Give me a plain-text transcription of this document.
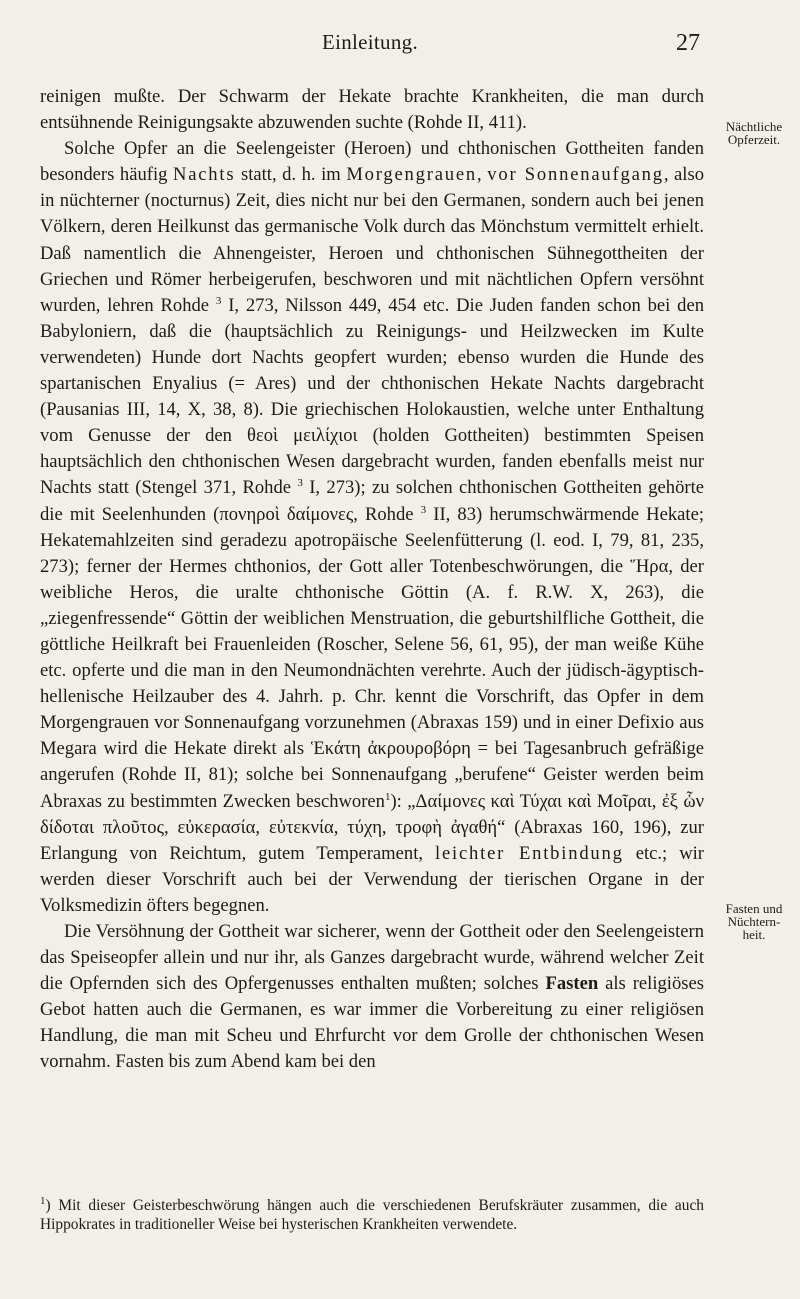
Einleitung.	27

reinigen mußte. Der Schwarm der Hekate brachte Krankheiten, die man durch entsühnende Reinigungsakte abzuwenden suchte (Rohde II, 411).

Solche Opfer an die Seelengeister (Heroen) und chthonischen Gottheiten fanden besonders häufig Nachts statt, d. h. im Morgengrauen, vor Sonnenaufgang, also in nüchterner (nocturnus) Zeit, dies nicht nur bei den Germanen, sondern auch bei jenen Völkern, deren Heilkunst das germanische Volk durch das Mönchstum vermittelt erhielt. Daß namentlich die Ahnengeister, Heroen und chthonischen Sühnegottheiten der Griechen und Römer herbeigerufen, beschworen und mit nächtlichen Opfern versöhnt wurden, lehren Rohde $^3$ I, 273, Nilsson 449, 454 etc. Die Juden fanden schon bei den Babyloniern, daß die (hauptsächlich zu Reinigungs- und Heilzwecken im Kulte verwendeten) Hunde dort Nachts geopfert wurden; ebenso wurden die Hunde des spartanischen Enyalius (= Ares) und der chthonischen Hekate Nachts dargebracht (Pausanias III, 14, X, 38, 8). Die griechischen Holokaustien, welche unter Enthaltung vom Genusse der den θεοὶ μειλίχιοι (holden Gottheiten) bestimmten Speisen hauptsächlich den chthonischen Wesen dargebracht wurden, fanden ebenfalls meist nur Nachts statt (Stengel 371, Rohde $^3$ I, 273); zu solchen chthonischen Gottheiten gehörte die mit Seelenhunden (πονηροὶ δαίμονες, Rohde $^3$ II, 83) herumschwärmende Hekate; Hekatemahlzeiten sind geradezu apotropäische Seelenfütterung (l. eod. I, 79, 81, 235, 273); ferner der Hermes chthonios, der Gott aller Totenbeschwörungen, die Ἥρα, der weibliche Heros, die uralte chthonische Göttin (A. f. R.W. X, 263), die „ziegenfressende“ Göttin der weiblichen Menstruation, die geburtshilfliche Gottheit, die göttliche Heilkraft bei Frauenleiden (Roscher, Selene 56, 61, 95), der man weiße Kühe etc. opferte und die man in den Neumondnächten verehrte. Auch der jüdisch-ägyptisch-hellenische Heilzauber des 4. Jahrh. p. Chr. kennt die Vorschrift, das Opfer in dem Morgengrauen vor Sonnenaufgang vorzunehmen (Abraxas 159) und in einer Defixio aus Megara wird die Hekate direkt als Ἑκάτη ἀκρουροβόρη = bei Tagesanbruch gefräßige angerufen (Rohde II, 81); solche bei Sonnenaufgang „berufene“ Geister werden beim Abraxas zu bestimmten Zwecken beschworen$^1$): „Δαίμονες καὶ Τύχαι καὶ Μοῖραι, ἐξ ὧν δίδοται πλοῦτος, εὐκερασία, εὐτεκνία, τύχη, τροφὴ ἀγαθή“ (Abraxas 160, 196), zur Erlangung von Reichtum, gutem Temperament, leichter Entbindung etc.; wir werden dieser Vorschrift auch bei der Verwendung der tierischen Organe in der Volksmedizin öfters begegnen.

Die Versöhnung der Gottheit war sicherer, wenn der Gottheit oder den Seelengeistern das Speiseopfer allein und nur ihr, als Ganzes dargebracht wurde, während welcher Zeit die Opfernden sich des Opfergenusses enthalten mußten; solches Fasten als religiöses Gebot hatten auch die Germanen, es war immer die Vorbereitung zu einer religiösen Handlung, die man mit Scheu und Ehrfurcht vor dem Grolle der chthonischen Wesen vornahm. Fasten bis zum Abend kam bei den

Nächtliche
Opferzeit.
Fasten und
Nüchtern-
heit.
$^1$) Mit dieser Geisterbeschwörung hängen auch die verschiedenen Berufskräuter zusammen, die auch Hippokrates in traditioneller Weise bei hysterischen Krankheiten verwendete.
